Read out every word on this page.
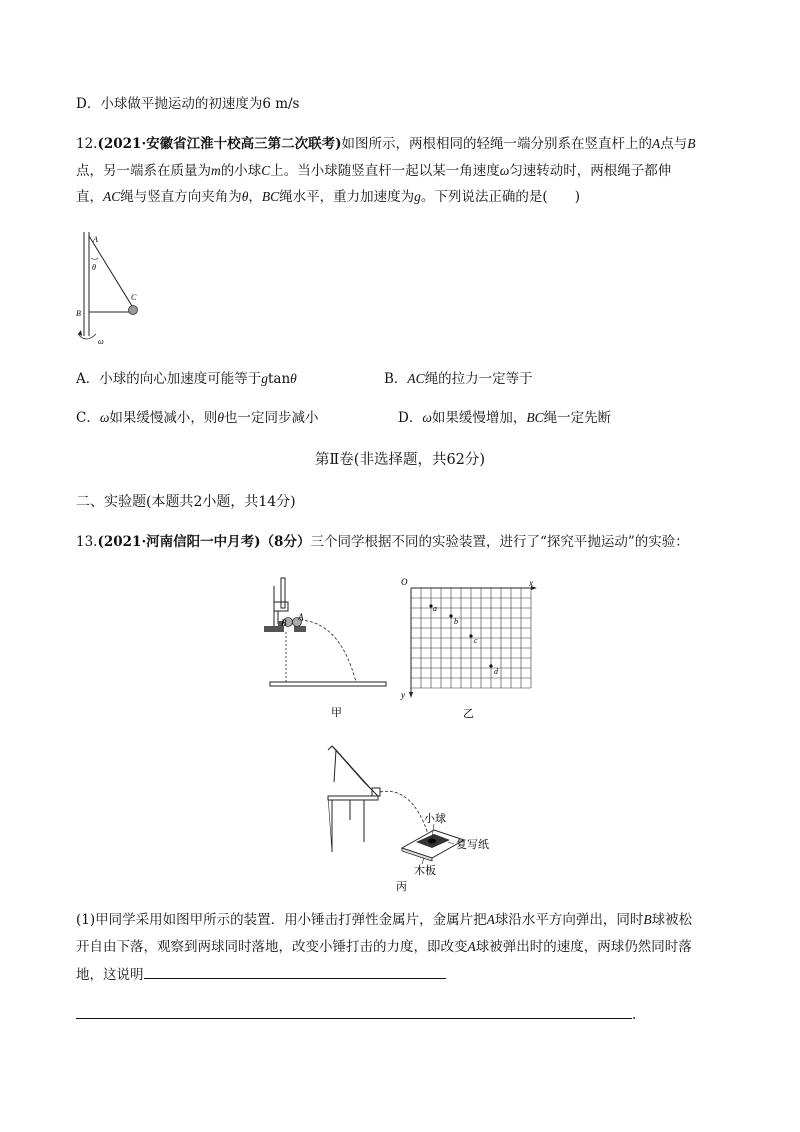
D．小球做平抛运动的初速度为6 m/s
12.(2021·安徽省江淮十校高三第二次联考)如图所示，两根相同的轻绳一端分别系在竖直杆上的A点与B
点，另一端系在质量为m的小球C上。当小球随竖直杆一起以某一角速度ω匀速转动时，两根绳子都伸
直，AC绳与竖直方向夹角为θ，BC绳水平，重力加速度为g。下列说法正确的是(　　)
A
θ
C
B
ω
A．小球的向心加速度可能等于gtanθ	B．AC绳的拉力一定等于
C．ω如果缓慢减小，则θ也一定同步减小	D．ω如果缓慢增加，BC绳一定先断
第Ⅱ卷(非选择题，共62分)
二、实验题(本题共2小题，共14分)
13.(2021·河南信阳一中月考)（8分）三个同学根据不同的实验装置，进行了“探究平抛运动”的实验：
B
A
甲
O	x
y
a
b
c
d
乙
小球
复写纸
木板
丙
(1)甲同学采用如图甲所示的装置．用小锤击打弹性金属片，金属片把A球沿水平方向弹出，同时B球被松
开自由下落，观察到两球同时落地，改变小锤打击的力度，即改变A球被弹出时的速度，两球仍然同时落
地，这说明
.
